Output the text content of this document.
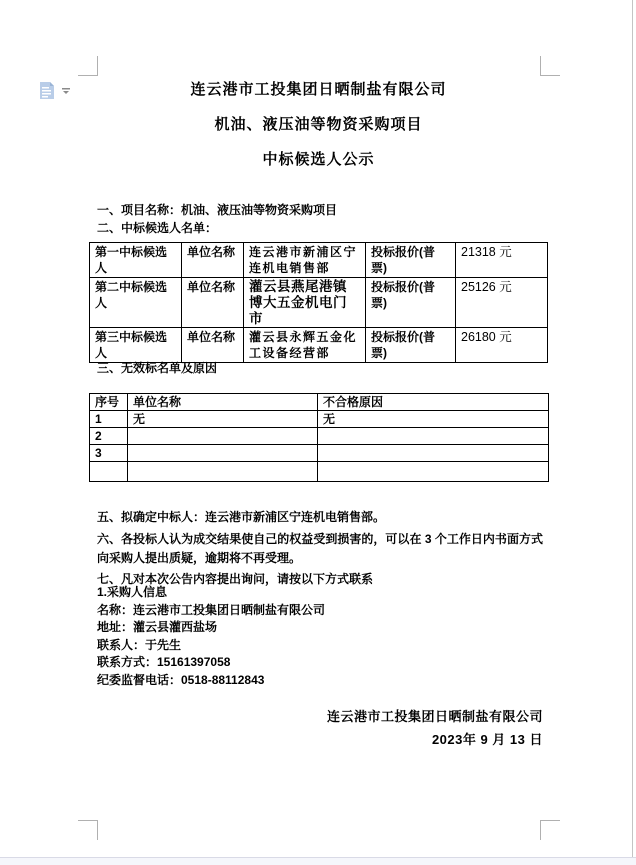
连云港市工投集团日晒制盐有限公司
机油、液压油等物资采购项目
中标候选人公示
一、项目名称：机油、液压油等物资采购项目
二、中标候选人名单：
第一中标候选人	单位名称	连云港市新浦区宁连机电销售部	投标报价(普票)	21318 元
第二中标候选人	单位名称	灌云县燕尾港镇博大五金机电门市	投标报价(普票)	25126 元
第三中标候选人	单位名称	灌云县永辉五金化工设备经营部	投标报价(普票)	26180 元
三、无效标名单及原因
序号	单位名称	不合格原因
1	无	无
2		
3		

五、拟确定中标人：连云港市新浦区宁连机电销售部。
六、各投标人认为成交结果使自己的权益受到损害的，可以在 3 个工作日内书面方式向采购人提出质疑，逾期将不再受理。
七、凡对本次公告内容提出询问，请按以下方式联系
1.采购人信息
名称：连云港市工投集团日晒制盐有限公司
地址：灌云县灌西盐场
联系人：于先生
联系方式：15161397058
纪委监督电话：0518-88112843
连云港市工投集团日晒制盐有限公司
2023年 9 月 13 日
